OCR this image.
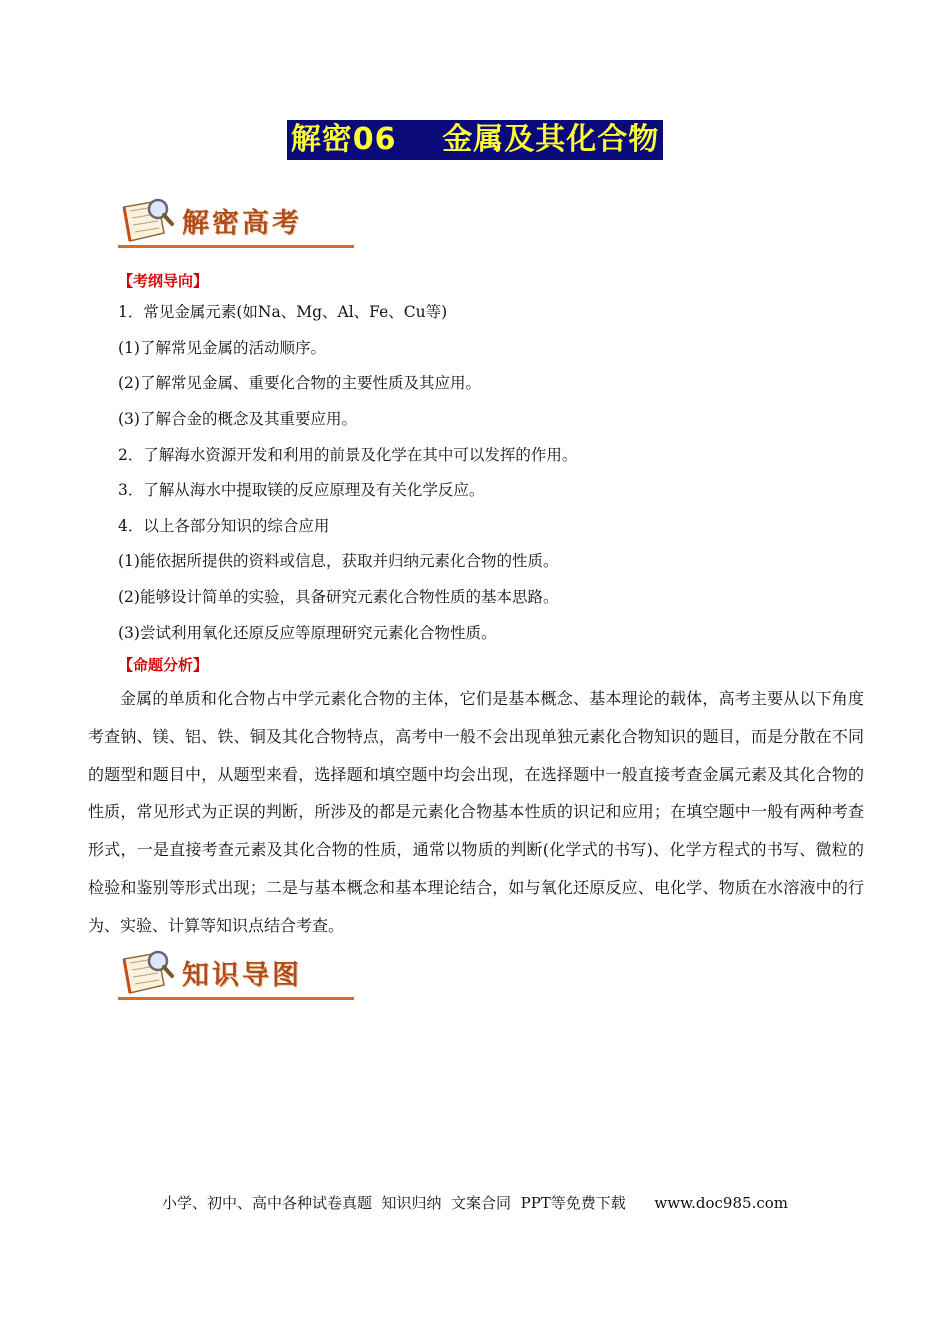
解密06    金属及其化合物
解密高考
【考纲导向】
1．常见金属元素(如Na、Mg、Al、Fe、Cu等)
(1)了解常见金属的活动顺序。
(2)了解常见金属、重要化合物的主要性质及其应用。
(3)了解合金的概念及其重要应用。
2．了解海水资源开发和利用的前景及化学在其中可以发挥的作用。
3．了解从海水中提取镁的反应原理及有关化学反应。
4．以上各部分知识的综合应用
(1)能依据所提供的资料或信息，获取并归纳元素化合物的性质。
(2)能够设计简单的实验，具备研究元素化合物性质的基本思路。
(3)尝试利用氧化还原反应等原理研究元素化合物性质。
【命题分析】
金属的单质和化合物占中学元素化合物的主体，它们是基本概念、基本理论的载体，高考主要从以下角度考查钠、镁、铝、铁、铜及其化合物特点，高考中一般不会出现单独元素化合物知识的题目，而是分散在不同的题型和题目中，从题型来看，选择题和填空题中均会出现，在选择题中一般直接考查金属元素及其化合物的性质，常见形式为正误的判断，所涉及的都是元素化合物基本性质的识记和应用；在填空题中一般有两种考查形式，一是直接考查元素及其化合物的性质，通常以物质的判断(化学式的书写)、化学方程式的书写、微粒的检验和鉴别等形式出现；二是与基本概念和基本理论结合，如与氧化还原反应、电化学、物质在水溶液中的行为、实验、计算等知识点结合考查。
知识导图
小学、初中、高中各种试卷真题  知识归纳  文案合同  PPT等免费下载      www.doc985.com
